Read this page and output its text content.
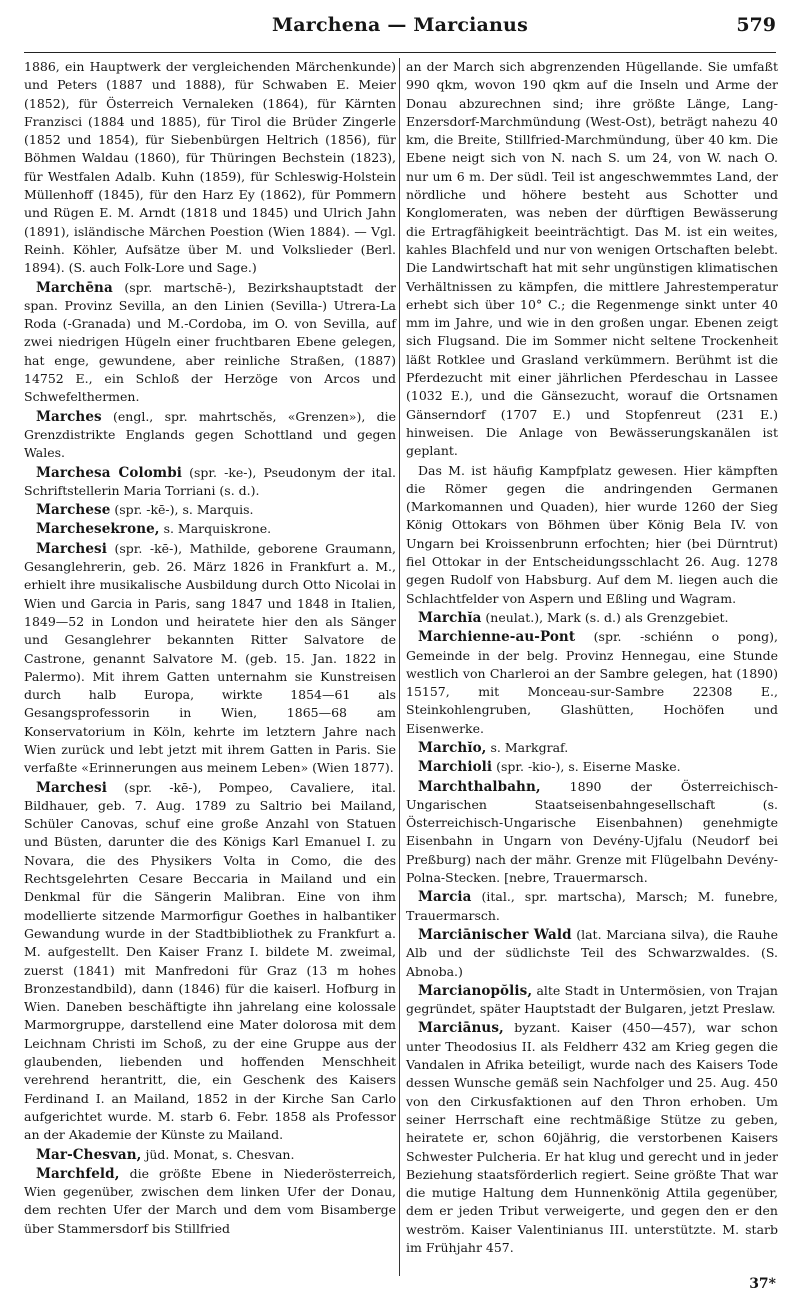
Marchena — Marcianus	579

1886, ein Hauptwerk der vergleichenden Märchenkunde) und Peters (1887 und 1888), für Schwaben E. Meier (1852), für Österreich Vernaleken (1864), für Kärnten Franzisci (1884 und 1885), für Tirol die Brüder Zingerle (1852 und 1854), für Siebenbürgen Heltrich (1856), für Böhmen Waldau (1860), für Thüringen Bechstein (1823), für Westfalen Adalb. Kuhn (1859), für Schleswig-Holstein Müllenhoff (1845), für den Harz Ey (1862), für Pommern und Rügen E. M. Arndt (1818 und 1845) und Ulrich Jahn (1891), isländische Märchen Poestion (Wien 1884). — Vgl. Reinh. Köhler, Aufsätze über M. und Volkslieder (Berl. 1894). (S. auch Folk-Lore und Sage.)

Marchēna (spr. martschē-), Bezirkshauptstadt der span. Provinz Sevilla, an den Linien (Sevilla-) Utrera-La Roda (-Granada) und M.-Cordoba, im O. von Sevilla, auf zwei niedrigen Hügeln einer fruchtbaren Ebene gelegen, hat enge, gewundene, aber reinliche Straßen, (1887) 14752 E., ein Schloß der Herzöge von Arcos und Schwefelthermen.

Marches (engl., spr. mahrtschĕs, «Grenzen»), die Grenzdistrikte Englands gegen Schottland und gegen Wales.

Marchesa Colombi (spr. -ke-), Pseudonym der ital. Schriftstellerin Maria Torriani (s. d.).

Marchese (spr. -kē-), s. Marquis.

Marchesekrone, s. Marquiskrone.

Marchesi (spr. -kē-), Mathilde, geborene Graumann, Gesanglehrerin, geb. 26. März 1826 in Frankfurt a. M., erhielt ihre musikalische Ausbildung durch Otto Nicolai in Wien und Garcia in Paris, sang 1847 und 1848 in Italien, 1849—52 in London und heiratete hier den als Sänger und Gesanglehrer bekannten Ritter Salvatore de Castrone, genannt Salvatore M. (geb. 15. Jan. 1822 in Palermo). Mit ihrem Gatten unternahm sie Kunstreisen durch halb Europa, wirkte 1854—61 als Gesangsprofessorin in Wien, 1865—68 am Konservatorium in Köln, kehrte im letztern Jahre nach Wien zurück und lebt jetzt mit ihrem Gatten in Paris. Sie verfaßte «Erinnerungen aus meinem Leben» (Wien 1877).

Marchesi (spr. -kē-), Pompeo, Cavaliere, ital. Bildhauer, geb. 7. Aug. 1789 zu Saltrio bei Mailand, Schüler Canovas, schuf eine große Anzahl von Statuen und Büsten, darunter die des Königs Karl Emanuel I. zu Novara, die des Physikers Volta in Como, die des Rechtsgelehrten Cesare Beccaria in Mailand und ein Denkmal für die Sängerin Malibran. Eine von ihm modellierte sitzende Marmorfigur Goethes in halbantiker Gewandung wurde in der Stadtbibliothek zu Frankfurt a. M. aufgestellt. Den Kaiser Franz I. bildete M. zweimal, zuerst (1841) mit Manfredoni für Graz (13 m hohes Bronzestandbild), dann (1846) für die kaiserl. Hofburg in Wien. Daneben beschäftigte ihn jahrelang eine kolossale Marmorgruppe, darstellend eine Mater dolorosa mit dem Leichnam Christi im Schoß, zu der eine Gruppe aus der glaubenden, liebenden und hoffenden Menschheit verehrend herantritt, die, ein Geschenk des Kaisers Ferdinand I. an Mailand, 1852 in der Kirche San Carlo aufgerichtet wurde. M. starb 6. Febr. 1858 als Professor an der Akademie der Künste zu Mailand.

Mar-Chesvan, jüd. Monat, s. Chesvan.

Marchfeld, die größte Ebene in Niederösterreich, Wien gegenüber, zwischen dem linken Ufer der Donau, dem rechten Ufer der March und dem vom Bisamberge über Stammersdorf bis Stillfried

an der March sich abgrenzenden Hügellande. Sie umfaßt 990 qkm, wovon 190 qkm auf die Inseln und Arme der Donau abzurechnen sind; ihre größte Länge, Lang-Enzersdorf-Marchmündung (West-Ost), beträgt nahezu 40 km, die Breite, Stillfried-Marchmündung, über 40 km. Die Ebene neigt sich von N. nach S. um 24, von W. nach O. nur um 6 m. Der südl. Teil ist angeschwemmtes Land, der nördliche und höhere besteht aus Schotter und Konglomeraten, was neben der dürftigen Bewässerung die Ertragfähigkeit beeinträchtigt. Das M. ist ein weites, kahles Blachfeld und nur von wenigen Ortschaften belebt. Die Landwirtschaft hat mit sehr ungünstigen klimatischen Verhältnissen zu kämpfen, die mittlere Jahrestemperatur erhebt sich über 10° C.; die Regenmenge sinkt unter 40 mm im Jahre, und wie in den großen ungar. Ebenen zeigt sich Flugsand. Die im Sommer nicht seltene Trockenheit läßt Rotklee und Grasland verkümmern. Berühmt ist die Pferdezucht mit einer jährlichen Pferdeschau in Lassee (1032 E.), und die Gänsezucht, worauf die Ortsnamen Gänserndorf (1707 E.) und Stopfenreut (231 E.) hinweisen. Die Anlage von Bewässerungskanälen ist geplant.

Das M. ist häufig Kampfplatz gewesen. Hier kämpften die Römer gegen die andringenden Germanen (Markomannen und Quaden), hier wurde 1260 der Sieg König Ottokars von Böhmen über König Bela IV. von Ungarn bei Kroissenbrunn erfochten; hier (bei Dürntrut) fiel Ottokar in der Entscheidungsschlacht 26. Aug. 1278 gegen Rudolf von Habsburg. Auf dem M. liegen auch die Schlachtfelder von Aspern und Eßling und Wagram.

Marchĭa (neulat.), Mark (s. d.) als Grenzgebiet.

Marchienne-au-Pont (spr. -schiénn o pong), Gemeinde in der belg. Provinz Hennegau, eine Stunde westlich von Charleroi an der Sambre gelegen, hat (1890) 15157, mit Monceau-sur-Sambre 22308 E., Steinkohlengruben, Glashütten, Hochöfen und Eisenwerke.

Marchĭo, s. Markgraf.

Marchioli (spr. -kio-), s. Eiserne Maske.

Marchthalbahn, 1890 der Österreichisch-Ungarischen Staatseisenbahngesellschaft (s. Österreichisch-Ungarische Eisenbahnen) genehmigte Eisenbahn in Ungarn von Devény-Ujfalu (Neudorf bei Preßburg) nach der mähr. Grenze mit Flügelbahn Devény-Polna-Stecken. [nebre, Trauermarsch.

Marcia (ital., spr. martscha), Marsch; M. funebre, Trauermarsch.

Marciānischer Wald (lat. Marciana silva), die Rauhe Alb und der südlichste Teil des Schwarzwaldes. (S. Abnoba.)

Marcianopŏlis, alte Stadt in Untermösien, von Trajan gegründet, später Hauptstadt der Bulgaren, jetzt Preslaw.

Marciānus, byzant. Kaiser (450—457), war schon unter Theodosius II. als Feldherr 432 am Krieg gegen die Vandalen in Afrika beteiligt, wurde nach des Kaisers Tode dessen Wunsche gemäß sein Nachfolger und 25. Aug. 450 von den Cirkusfaktionen auf den Thron erhoben. Um seiner Herrschaft eine rechtmäßige Stütze zu geben, heiratete er, schon 60jährig, die verstorbenen Kaisers Schwester Pulcheria. Er hat klug und gerecht und in jeder Beziehung staatsförderlich regiert. Seine größte That war die mutige Haltung dem Hunnenkönig Attila gegenüber, dem er jeden Tribut verweigerte, und gegen den er den weström. Kaiser Valentinianus III. unterstützte. M. starb im Frühjahr 457.

37*
